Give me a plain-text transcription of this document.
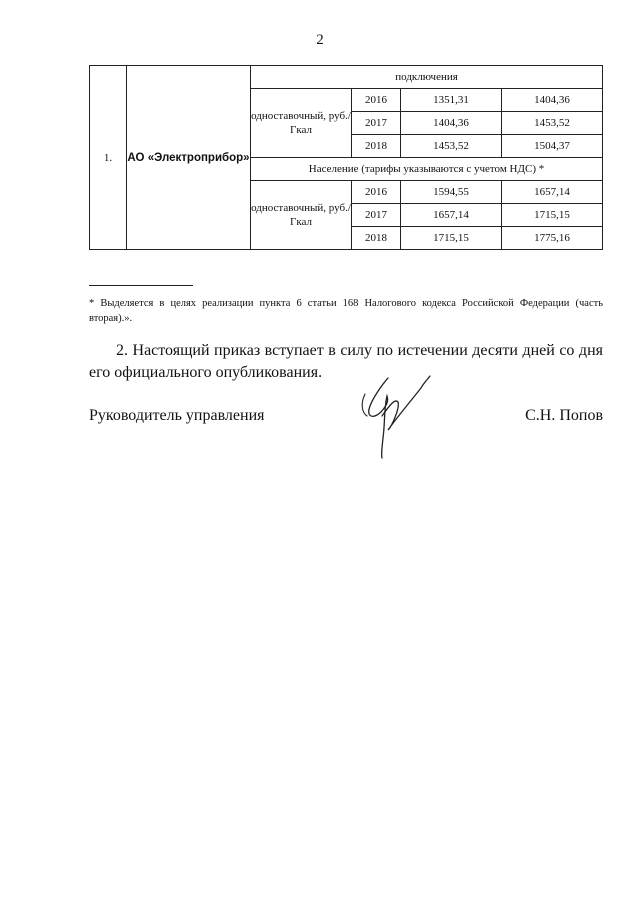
2
1.	АО «Электроприбор»	подключения			
		одноставочный, руб./Гкал	2016	1351,31	1404,36
			2017	1404,36	1453,52
			2018	1453,52	1504,37
		Население (тарифы указываются с учетом НДС) *			
		одноставочный, руб./Гкал	2016	1594,55	1657,14
			2017	1657,14	1715,15
			2018	1715,15	1775,16
* Выделяется в целях реализации пункта 6 статьи 168 Налогового кодекса Российской Федерации (часть вторая).».
2. Настоящий приказ вступает в силу по истечении десяти дней со дня его официального опубликования.
Руководитель управления	С.Н. Попов
